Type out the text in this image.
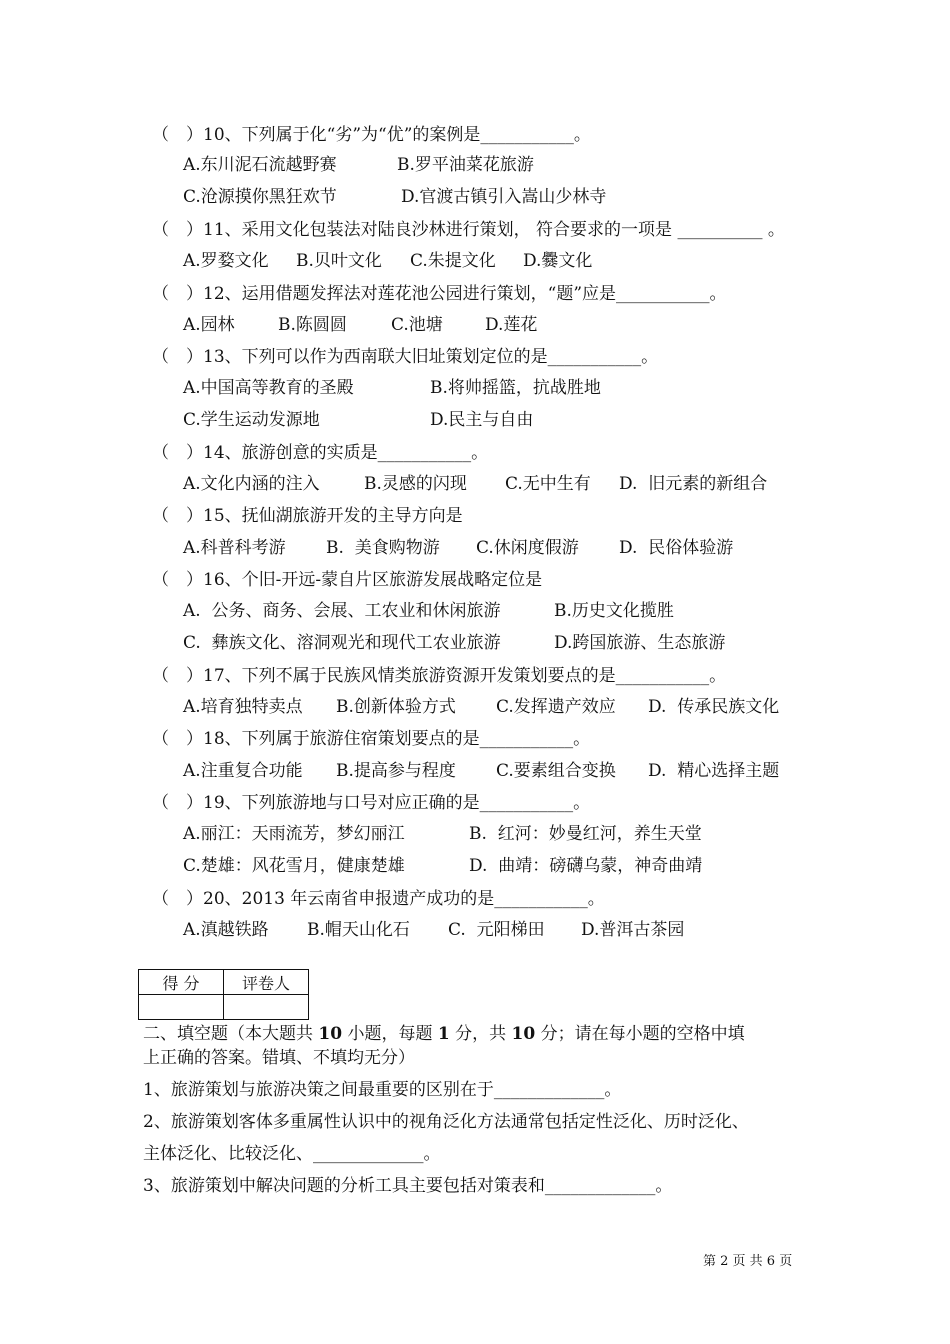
（　）10、下列属于化“劣”为“优”的案例是___________。
A.东川泥石流越野赛	B.罗平油菜花旅游
C.沧源摸你黑狂欢节	D.官渡古镇引入嵩山少林寺
（　）11、采用文化包装法对陆良沙林进行策划， 符合要求的一项是 __________ 。
A.罗婺文化 B.贝叶文化 C.朱提文化 D.爨文化
（　）12、运用借题发挥法对莲花池公园进行策划，“题”应是___________。
A.园林	B.陈圆圆	C.池塘 D.莲花
（　）13、下列可以作为西南联大旧址策划定位的是___________。
A.中国高等教育的圣殿	B.将帅摇篮，抗战胜地
C.学生运动发源地	D.民主与自由
（　）14、旅游创意的实质是___________。
A.文化内涵的注入	B.灵感的闪现 C.无中生有 D.  旧元素的新组合
（　）15、抚仙湖旅游开发的主导方向是
A.科普科考游 B.  美食购物游 C.休闲度假游 D.  民俗体验游
（　）16、个旧-开远-蒙自片区旅游发展战略定位是
A.  公务、商务、会展、工农业和休闲旅游	B.历史文化揽胜
C.  彝族文化、溶洞观光和现代工农业旅游	D.跨国旅游、生态旅游
（　）17、下列不属于民族风情类旅游资源开发策划要点的是___________。
A.培育独特卖点 B.创新体验方式 C.发挥遗产效应 D.  传承民族文化
（　）18、下列属于旅游住宿策划要点的是___________。
A.注重复合功能 B.提高参与程度 C.要素组合变换 D.  精心选择主题
（　）19、下列旅游地与口号对应正确的是___________。
A.丽江：天雨流芳，梦幻丽江	B.  红河：妙曼红河，养生天堂
C.楚雄：风花雪月，健康楚雄	D.  曲靖：磅礴乌蒙，神奇曲靖
（　）20、2013 年云南省申报遗产成功的是___________。
A.滇越铁路 B.帽天山化石 C.  元阳梯田 D.普洱古茶园
得 分	评卷人

二、填空题（本大题共 10 小题，每题 1 分，共 10 分；请在每小题的空格中填
上正确的答案。错填、不填均无分）
1、旅游策划与旅游决策之间最重要的区别在于_____________。
2、旅游策划客体多重属性认识中的视角泛化方法通常包括定性泛化、历时泛化、
主体泛化、比较泛化、_____________。
3、旅游策划中解决问题的分析工具主要包括对策表和_____________。
第 2 页 共 6 页
